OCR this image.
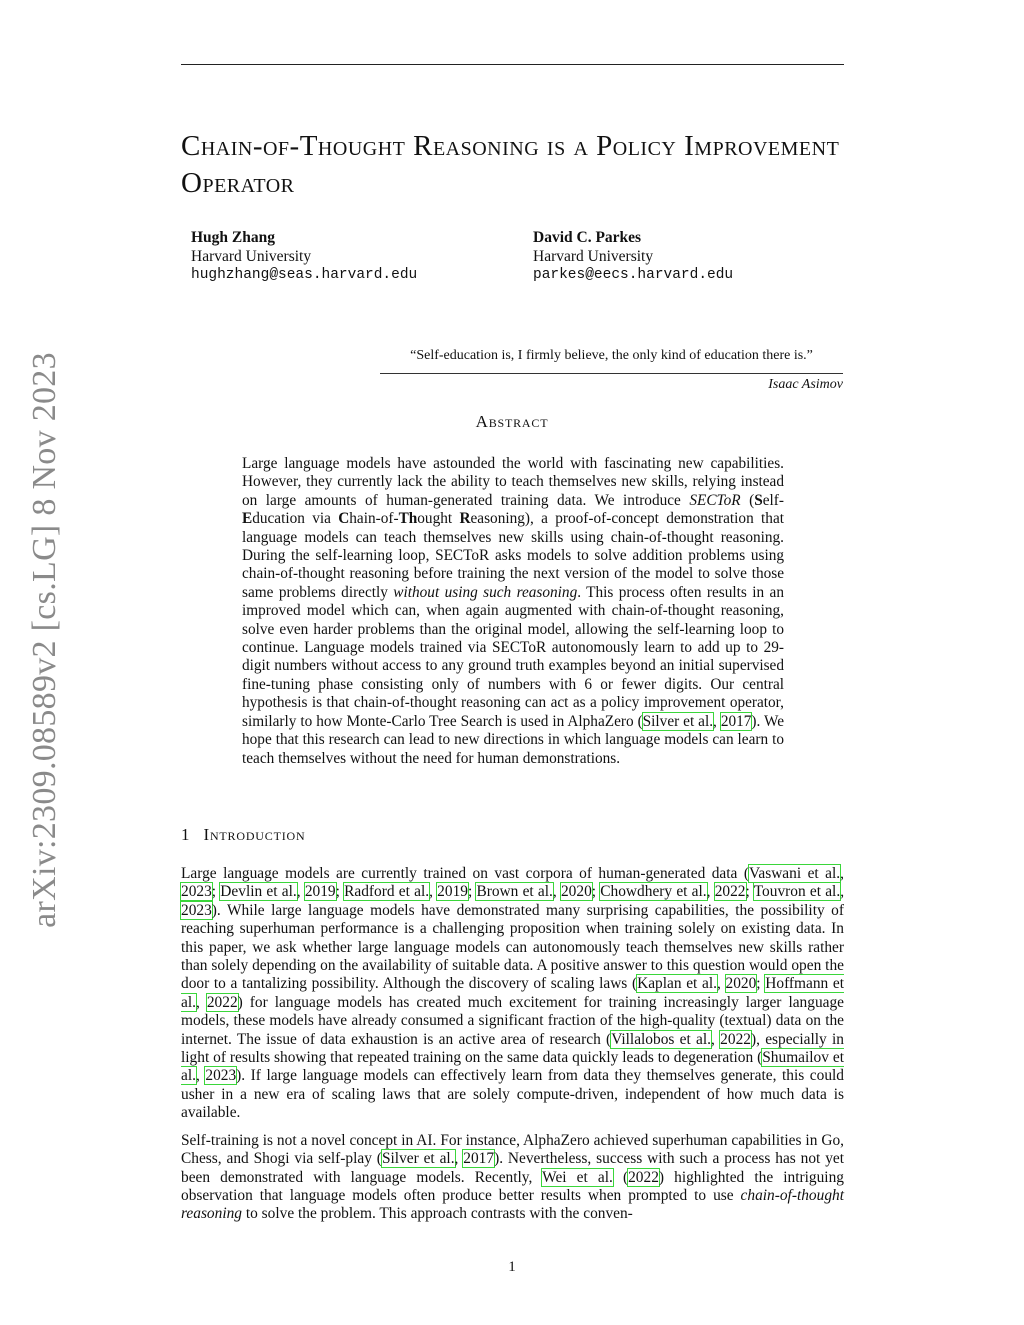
arXiv:2309.08589v2 [cs.LG] 8 Nov 2023
Chain-of-Thought Reasoning is a Policy Improvement Operator
Hugh Zhang
Harvard University
hughzhang@seas.harvard.edu
David C. Parkes
Harvard University
parkes@eecs.harvard.edu
“Self-education is, I firmly believe, the only kind of education there is.”
Isaac Asimov
Abstract

Large language models have astounded the world with fascinating new capabilities. However, they currently lack the ability to teach themselves new skills, relying instead on large amounts of human-generated training data. We introduce SECToR (Self-Education via Chain-of-Thought Reasoning), a proof-of-concept demonstration that language models can teach themselves new skills using chain-of-thought reasoning. During the self-learning loop, SECToR asks models to solve addition problems using chain-of-thought reasoning before training the next version of the model to solve those same problems directly without using such reasoning. This process often results in an improved model which can, when again augmented with chain-of-thought reasoning, solve even harder problems than the original model, allowing the self-learning loop to continue. Language models trained via SECToR autonomously learn to add up to 29-digit numbers without access to any ground truth examples beyond an initial supervised fine-tuning phase consisting only of numbers with 6 or fewer digits. Our central hypothesis is that chain-of-thought reasoning can act as a policy improvement operator, similarly to how Monte-Carlo Tree Search is used in AlphaZero (Silver et al., 2017). We hope that this research can lead to new directions in which language models can learn to teach themselves without the need for human demonstrations.

1 Introduction

Large language models are currently trained on vast corpora of human-generated data (Vaswani et al., 2023; Devlin et al., 2019; Radford et al., 2019; Brown et al., 2020; Chowdhery et al., 2022; Touvron et al., 2023). While large language models have demonstrated many surprising capabilities, the possibility of reaching superhuman performance is a challenging proposition when training solely on existing data. In this paper, we ask whether large language models can autonomously teach themselves new skills rather than solely depending on the availability of suitable data. A positive answer to this question would open the door to a tantalizing possibility. Although the discovery of scaling laws (Kaplan et al., 2020; Hoffmann et al., 2022) for language models has created much excitement for training increasingly larger language models, these models have already consumed a significant fraction of the high-quality (textual) data on the internet. The issue of data exhaustion is an active area of research (Villalobos et al., 2022), especially in light of results showing that repeated training on the same data quickly leads to degeneration (Shumailov et al., 2023). If large language models can effectively learn from data they themselves generate, this could usher in a new era of scaling laws that are solely compute-driven, independent of how much data is available.

Self-training is not a novel concept in AI. For instance, AlphaZero achieved superhuman capabilities in Go, Chess, and Shogi via self-play (Silver et al., 2017). Nevertheless, success with such a process has not yet been demonstrated with language models. Recently, Wei et al. (2022) highlighted the intriguing observation that language models often produce better results when prompted to use chain-of-thought reasoning to solve the problem. This approach contrasts with the conven-

1
